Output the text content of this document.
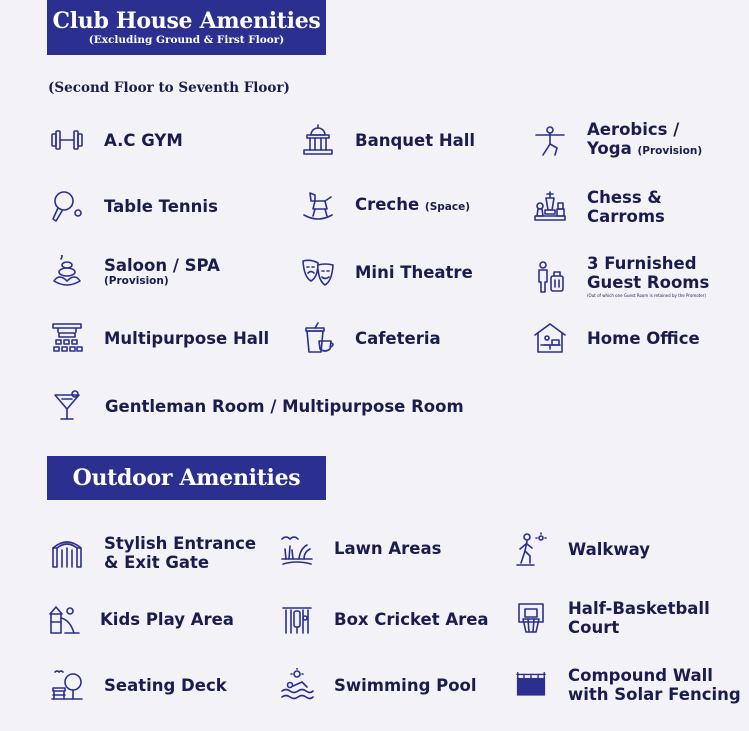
Club House Amenities
(Excluding Ground & First Floor)
(Second Floor to Seventh Floor)
A.C GYM	Banquet Hall
Aerobics /
Yoga (Provision)
Table Tennis	Creche (Space)	Chess &
Carroms
Saloon / SPA
(Provision)	Mini Theatre	3 Furnished
Guest Rooms
(Out of which one Guest Room is retained by the Promoter)
Multipurpose Hall	Cafeteria	Home Office
Gentleman Room / Multipurpose Room
Outdoor Amenities
Stylish Entrance
& Exit Gate
Lawn Areas	Walkway
Kids Play Area	Box Cricket Area
Half-Basketball
Court
Seating Deck	Swimming Pool	Compound Wall
with Solar Fencing
